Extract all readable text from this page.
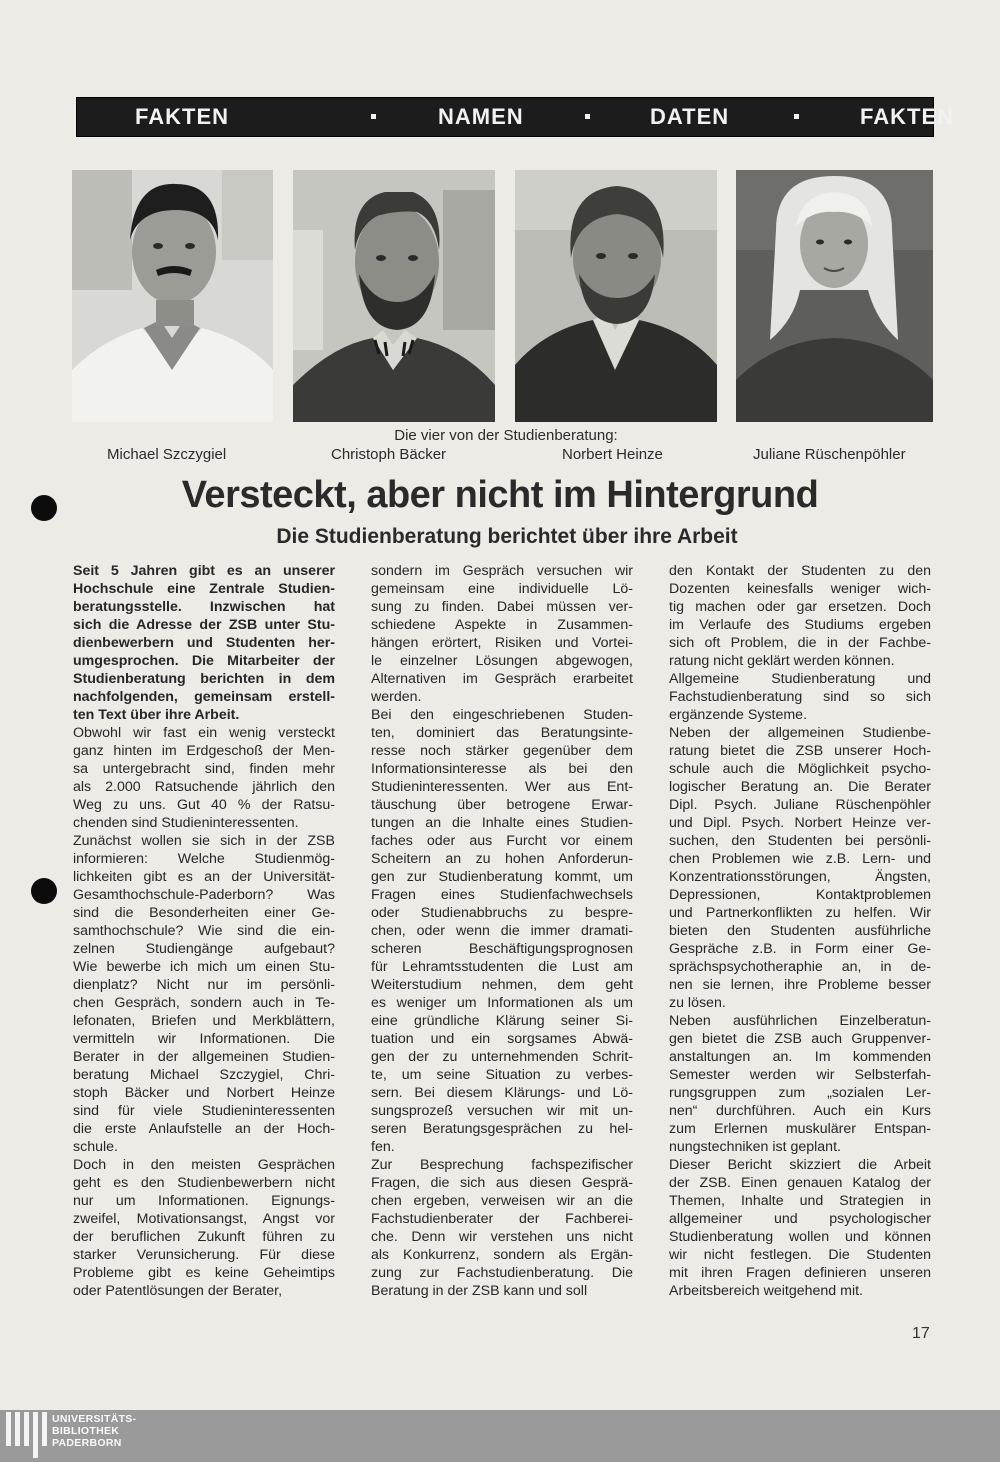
FAKTEN	NAMEN	DATEN	FAKTEN
Die vier von der Studienberatung:
Michael Szczygiel	Christoph Bäcker	Norbert Heinze	Juliane Rüschenpöhler
Versteckt, aber nicht im Hintergrund
Die Studienberatung berichtet über ihre Arbeit
Seit 5 Jahren gibt es an unserer
Hochschule eine Zentrale Studien-
beratungsstelle. Inzwischen hat
sich die Adresse der ZSB unter Stu-
dienbewerbern und Studenten her-
umgesprochen. Die Mitarbeiter der
Studienberatung berichten in dem
nachfolgenden, gemeinsam erstell-
ten Text über ihre Arbeit.
Obwohl wir fast ein wenig versteckt
ganz hinten im Erdgeschoß der Men-
sa untergebracht sind, finden mehr
als 2.000 Ratsuchende jährlich den
Weg zu uns. Gut 40 % der Ratsu-
chenden sind Studieninteressenten.
Zunächst wollen sie sich in der ZSB
informieren: Welche Studienmög-
lichkeiten gibt es an der Universität-
Gesamthochschule-Paderborn? Was
sind die Besonderheiten einer Ge-
samthochschule? Wie sind die ein-
zelnen Studiengänge aufgebaut?
Wie bewerbe ich mich um einen Stu-
dienplatz? Nicht nur im persönli-
chen Gespräch, sondern auch in Te-
lefonaten, Briefen und Merkblättern,
vermitteln wir Informationen. Die
Berater in der allgemeinen Studien-
beratung Michael Szczygiel, Chri-
stoph Bäcker und Norbert Heinze
sind für viele Studieninteressenten
die erste Anlaufstelle an der Hoch-
schule.
Doch in den meisten Gesprächen
geht es den Studienbewerbern nicht
nur um Informationen. Eignungs-
zweifel, Motivationsangst, Angst vor
der beruflichen Zukunft führen zu
starker Verunsicherung. Für diese
Probleme gibt es keine Geheimtips
oder Patentlösungen der Berater,
sondern im Gespräch versuchen wir
gemeinsam eine individuelle Lö-
sung zu finden. Dabei müssen ver-
schiedene Aspekte in Zusammen-
hängen erörtert, Risiken und Vortei-
le einzelner Lösungen abgewogen,
Alternativen im Gespräch erarbeitet
werden.
Bei den eingeschriebenen Studen-
ten, dominiert das Beratungsinte-
resse noch stärker gegenüber dem
Informationsinteresse als bei den
Studieninteressenten. Wer aus Ent-
täuschung über betrogene Erwar-
tungen an die Inhalte eines Studien-
faches oder aus Furcht vor einem
Scheitern an zu hohen Anforderun-
gen zur Studienberatung kommt, um
Fragen eines Studienfachwechsels
oder Studienabbruchs zu bespre-
chen, oder wenn die immer dramati-
scheren Beschäftigungsprognosen
für Lehramtsstudenten die Lust am
Weiterstudium nehmen, dem geht
es weniger um Informationen als um
eine gründliche Klärung seiner Si-
tuation und ein sorgsames Abwä-
gen der zu unternehmenden Schrit-
te, um seine Situation zu verbes-
sern. Bei diesem Klärungs- und Lö-
sungsprozeß versuchen wir mit un-
seren Beratungsgesprächen zu hel-
fen.
Zur Besprechung fachspezifischer
Fragen, die sich aus diesen Gesprä-
chen ergeben, verweisen wir an die
Fachstudienberater der Fachberei-
che. Denn wir verstehen uns nicht
als Konkurrenz, sondern als Ergän-
zung zur Fachstudienberatung. Die
Beratung in der ZSB kann und soll
den Kontakt der Studenten zu den
Dozenten keinesfalls weniger wich-
tig machen oder gar ersetzen. Doch
im Verlaufe des Studiums ergeben
sich oft Problem, die in der Fachbe-
ratung nicht geklärt werden können.
Allgemeine Studienberatung und
Fachstudienberatung sind so sich
ergänzende Systeme.
Neben der allgemeinen Studienbe-
ratung bietet die ZSB unserer Hoch-
schule auch die Möglichkeit psycho-
logischer Beratung an. Die Berater
Dipl. Psych. Juliane Rüschenpöhler
und Dipl. Psych. Norbert Heinze ver-
suchen, den Studenten bei persönli-
chen Problemen wie z.B. Lern- und
Konzentrationsstörungen, Ängsten,
Depressionen, Kontaktproblemen
und Partnerkonflikten zu helfen. Wir
bieten den Studenten ausführliche
Gespräche z.B. in Form einer Ge-
sprächspsychotheraphie an, in de-
nen sie lernen, ihre Probleme besser
zu lösen.
Neben ausführlichen Einzelberatun-
gen bietet die ZSB auch Gruppenver-
anstaltungen an. Im kommenden
Semester werden wir Selbsterfah-
rungsgruppen zum „sozialen Ler-
nen“ durchführen. Auch ein Kurs
zum Erlernen muskulärer Entspan-
nungstechniken ist geplant.
Dieser Bericht skizziert die Arbeit
der ZSB. Einen genauen Katalog der
Themen, Inhalte und Strategien in
allgemeiner und psychologischer
Studienberatung wollen und können
wir nicht festlegen. Die Studenten
mit ihren Fragen definieren unseren
Arbeitsbereich weitgehend mit.
17
UNIVERSITÄTS-
BIBLIOTHEK
PADERBORN
